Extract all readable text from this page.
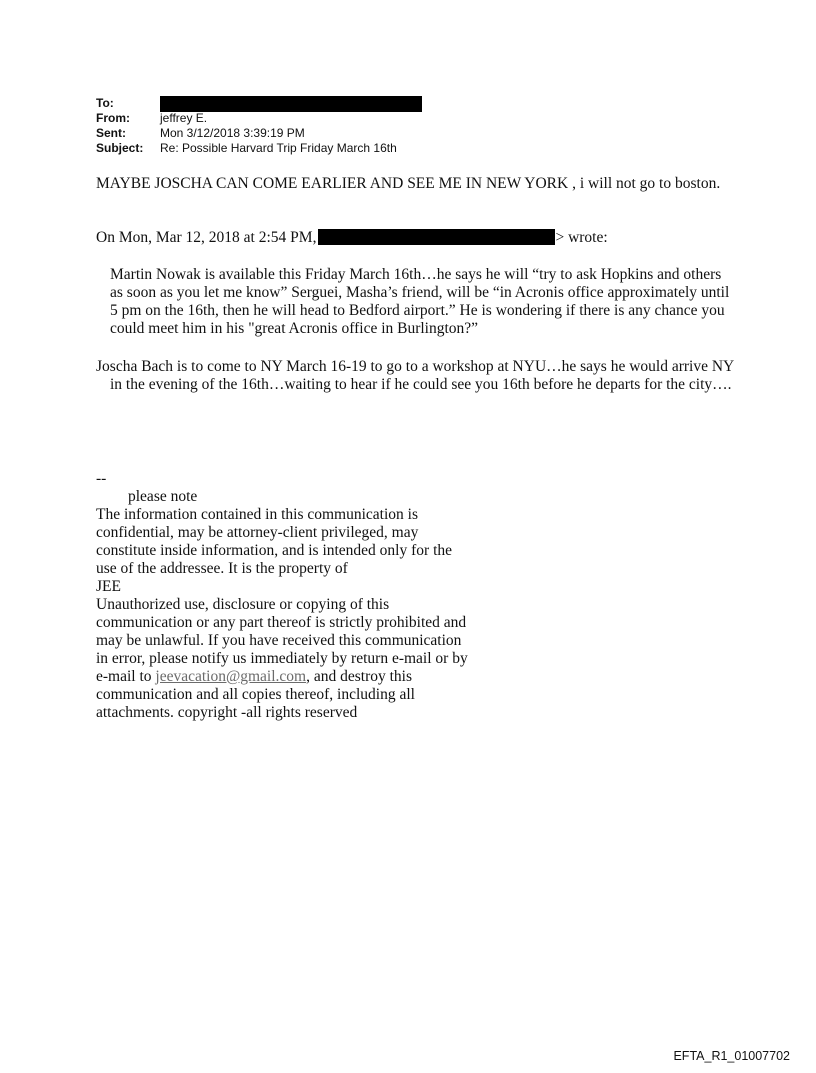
To:
From:	jeffrey E.
Sent:	Mon 3/12/2018 3:39:19 PM
Subject:	Re: Possible Harvard Trip Friday March 16th
MAYBE JOSCHA CAN COME EARLIER AND SEE ME IN NEW YORK , i will not go to boston.
On Mon, Mar 12, 2018 at 2:54 PM,	> wrote:
Martin Nowak is available this Friday March 16th…he says he will “try to ask Hopkins and others as soon as you let me know” Serguei, Masha’s friend, will be “in Acronis office approximately until 5 pm on the 16th, then he will head to Bedford airport.” He is wondering if there is any chance you could meet him in his "great Acronis office in Burlington?”
Joscha Bach is to come to NY March 16-19 to go to a workshop at NYU…he says he would arrive NY in the evening of the 16th…waiting to hear if he could see you 16th before he departs for the city….
--
please note
The information contained in this communication is confidential, may be attorney-client privileged, may constitute inside information, and is intended only for the use of the addressee. It is the property of
JEE
Unauthorized use, disclosure or copying of this communication or any part thereof is strictly prohibited and may be unlawful. If you have received this communication in error, please notify us immediately by return e-mail or by e-mail to jeevacation@gmail.com, and destroy this communication and all copies thereof, including all attachments. copyright -all rights reserved
EFTA_R1_01007702
